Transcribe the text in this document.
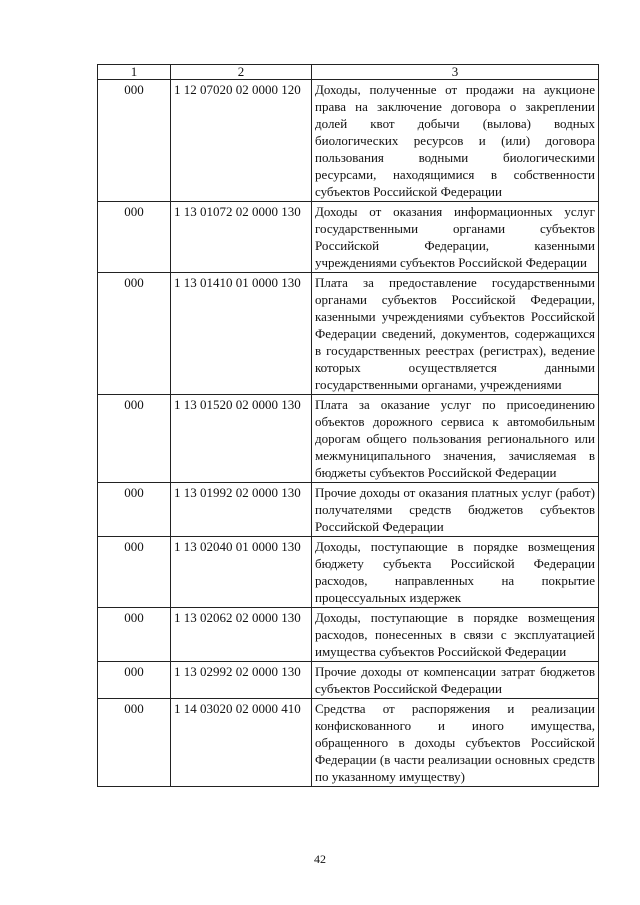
1	2	3
000	1 12 07020 02 0000 120	Доходы, полученные от продажи на аукционе права на заключение договора о закреплении долей квот добычи (вылова) водных биологических ресурсов и (или) договора пользования водными биологическими ресурсами, находящимися в собственности субъектов Российской Федерации
000	1 13 01072 02 0000 130	Доходы от оказания информационных услуг государственными органами субъектов Российской Федерации, казенными учреждениями субъектов Российской Федерации
000	1 13 01410 01 0000 130	Плата за предоставление государственными органами субъектов Российской Федерации, казенными учреждениями субъектов Российской Федерации сведений, документов, содержащихся в государственных реестрах (регистрах), ведение которых осуществляется данными государственными органами, учреждениями
000	1 13 01520 02 0000 130	Плата за оказание услуг по присоединению объектов дорожного сервиса к автомобильным дорогам общего пользования регионального или межмуниципального значения, зачисляемая в бюджеты субъектов Российской Федерации
000	1 13 01992 02 0000 130	Прочие доходы от оказания платных услуг (работ) получателями средств бюджетов субъектов Российской Федерации
000	1 13 02040 01 0000 130	Доходы, поступающие в порядке возмещения бюджету субъекта Российской Федерации расходов, направленных на покрытие процессуальных издержек
000	1 13 02062 02 0000 130	Доходы, поступающие в порядке возмещения расходов, понесенных в связи с эксплуатацией имущества субъектов Российской Федерации
000	1 13 02992 02 0000 130	Прочие доходы от компенсации затрат бюджетов субъектов Российской Федерации
000	1 14 03020 02 0000 410	Средства от распоряжения и реализации конфискованного и иного имущества, обращенного в доходы субъектов Российской Федерации (в части реализации основных средств по указанному имуществу)
42
